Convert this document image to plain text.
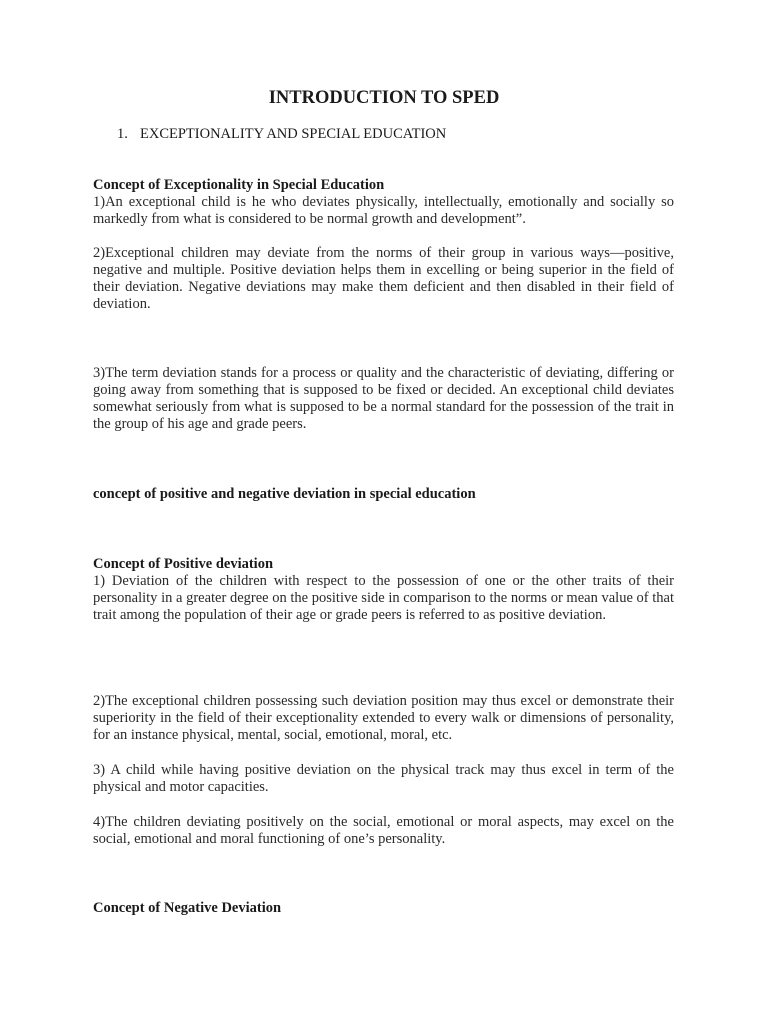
INTRODUCTION TO SPED

1. EXCEPTIONALITY AND SPECIAL EDUCATION

Concept of Exceptionality in Special Education

1)An exceptional child is he who deviates physically, intellectually, emotionally and socially so markedly from what is considered to be normal growth and development”.

2)Exceptional children may deviate from the norms of their group in various ways—positive, negative and multiple. Positive deviation helps them in excelling or being superior in the field of their deviation. Negative deviations may make them deficient and then disabled in their field of deviation.

3)The term deviation stands for a process or quality and the characteristic of deviating, differing or going away from something that is supposed to be fixed or decided. An exceptional child deviates somewhat seriously from what is supposed to be a normal standard for the possession of the trait in the group of his age and grade peers.

concept of positive and negative deviation in special education
Concept of Positive deviation

1) Deviation of the children with respect to the possession of one or the other traits of their personality in a greater degree on the positive side in comparison to the norms or mean value of that trait among the population of their age or grade peers is referred to as positive deviation.

2)The exceptional children possessing such deviation position may thus excel or demonstrate their superiority in the field of their exceptionality extended to every walk or dimensions of personality, for an instance physical, mental, social, emotional, moral, etc.

3) A child while having positive deviation on the physical track may thus excel in term of the physical and motor capacities.

4)The children deviating positively on the social, emotional or moral aspects, may excel on the social, emotional and moral functioning of one’s personality.

Concept of Negative Deviation
